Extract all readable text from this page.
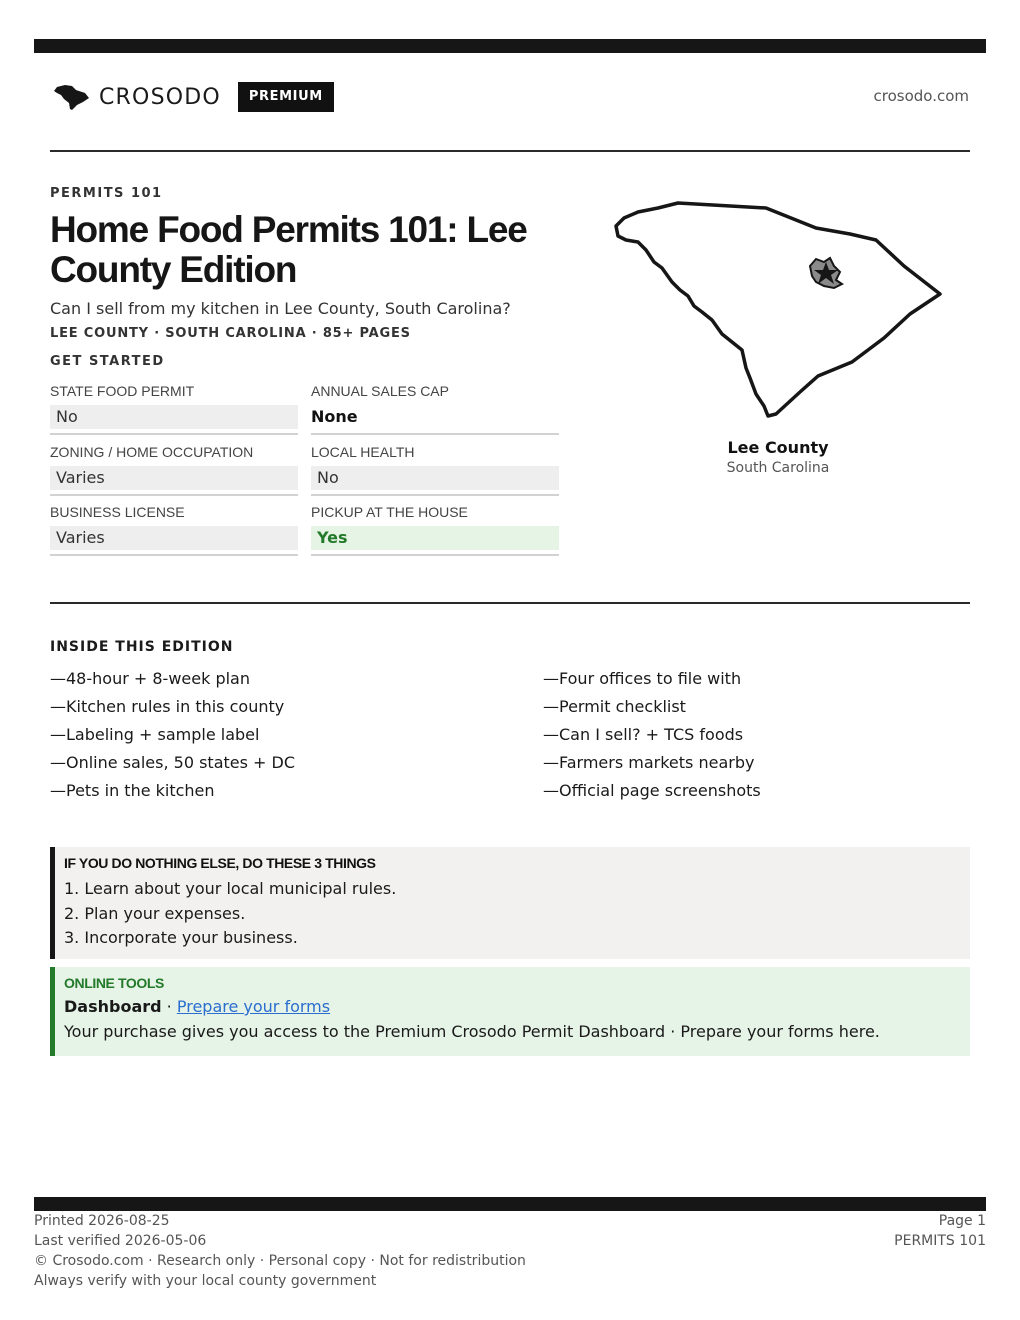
CROSODO	PREMIUM	crosodo.com
PERMITS 101
Home Food Permits 101: Lee County Edition
Can I sell from my kitchen in Lee County, South Carolina?
LEE COUNTY · SOUTH CAROLINA · 85+ PAGES
GET STARTED
STATE FOOD PERMIT
No
ANNUAL SALES CAP
None
ZONING / HOME OCCUPATION
Varies
LOCAL HEALTH
No
BUSINESS LICENSE
Varies
PICKUP AT THE HOUSE
Yes
Lee County
South Carolina
INSIDE THIS EDITION
—48-hour + 8-week plan
—Kitchen rules in this county
—Labeling + sample label
—Online sales, 50 states + DC
—Pets in the kitchen
—Four offices to file with
—Permit checklist
—Can I sell? + TCS foods
—Farmers markets nearby
—Official page screenshots
IF YOU DO NOTHING ELSE, DO THESE 3 THINGS
1. Learn about your local municipal rules.
2. Plan your expenses.
3. Incorporate your business.
ONLINE TOOLS
Dashboard · Prepare your forms
Your purchase gives you access to the Premium Crosodo Permit Dashboard · Prepare your forms here.
Printed 2026-08-25
Last verified 2026-05-06
© Crosodo.com · Research only · Personal copy · Not for redistribution
Always verify with your local county government
Page 1
PERMITS 101
